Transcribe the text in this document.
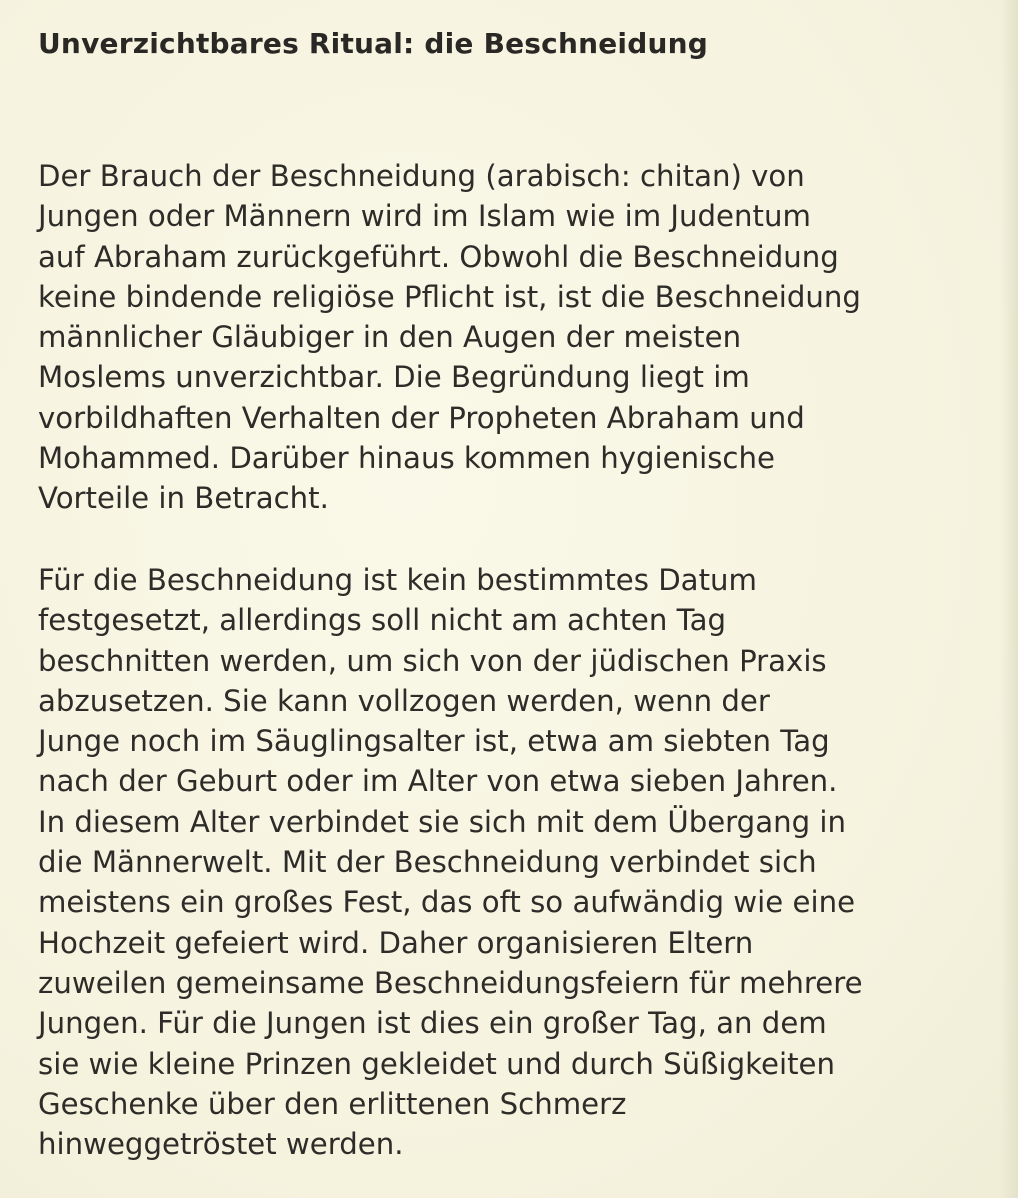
Unverzichtbares Ritual: die Beschneidung

Der Brauch der Beschneidung (arabisch: chitan) von
Jungen oder Männern wird im Islam wie im Judentum
auf Abraham zurückgeführt. Obwohl die Beschneidung
keine bindende religiöse Pflicht ist, ist die Beschneidung
männlicher Gläubiger in den Augen der meisten
Moslems unverzichtbar. Die Begründung liegt im
vorbildhaften Verhalten der Propheten Abraham und
Mohammed. Darüber hinaus kommen hygienische
Vorteile in Betracht.

Für die Beschneidung ist kein bestimmtes Datum
festgesetzt, allerdings soll nicht am achten Tag
beschnitten werden, um sich von der jüdischen Praxis
abzusetzen. Sie kann vollzogen werden, wenn der
Junge noch im Säuglingsalter ist, etwa am siebten Tag
nach der Geburt oder im Alter von etwa sieben Jahren.
In diesem Alter verbindet sie sich mit dem Übergang in
die Männerwelt. Mit der Beschneidung verbindet sich
meistens ein großes Fest, das oft so aufwändig wie eine
Hochzeit gefeiert wird. Daher organisieren Eltern
zuweilen gemeinsame Beschneidungsfeiern für mehrere
Jungen. Für die Jungen ist dies ein großer Tag, an dem
sie wie kleine Prinzen gekleidet und durch Süßigkeiten
Geschenke über den erlittenen Schmerz
hinweggetröstet werden.
